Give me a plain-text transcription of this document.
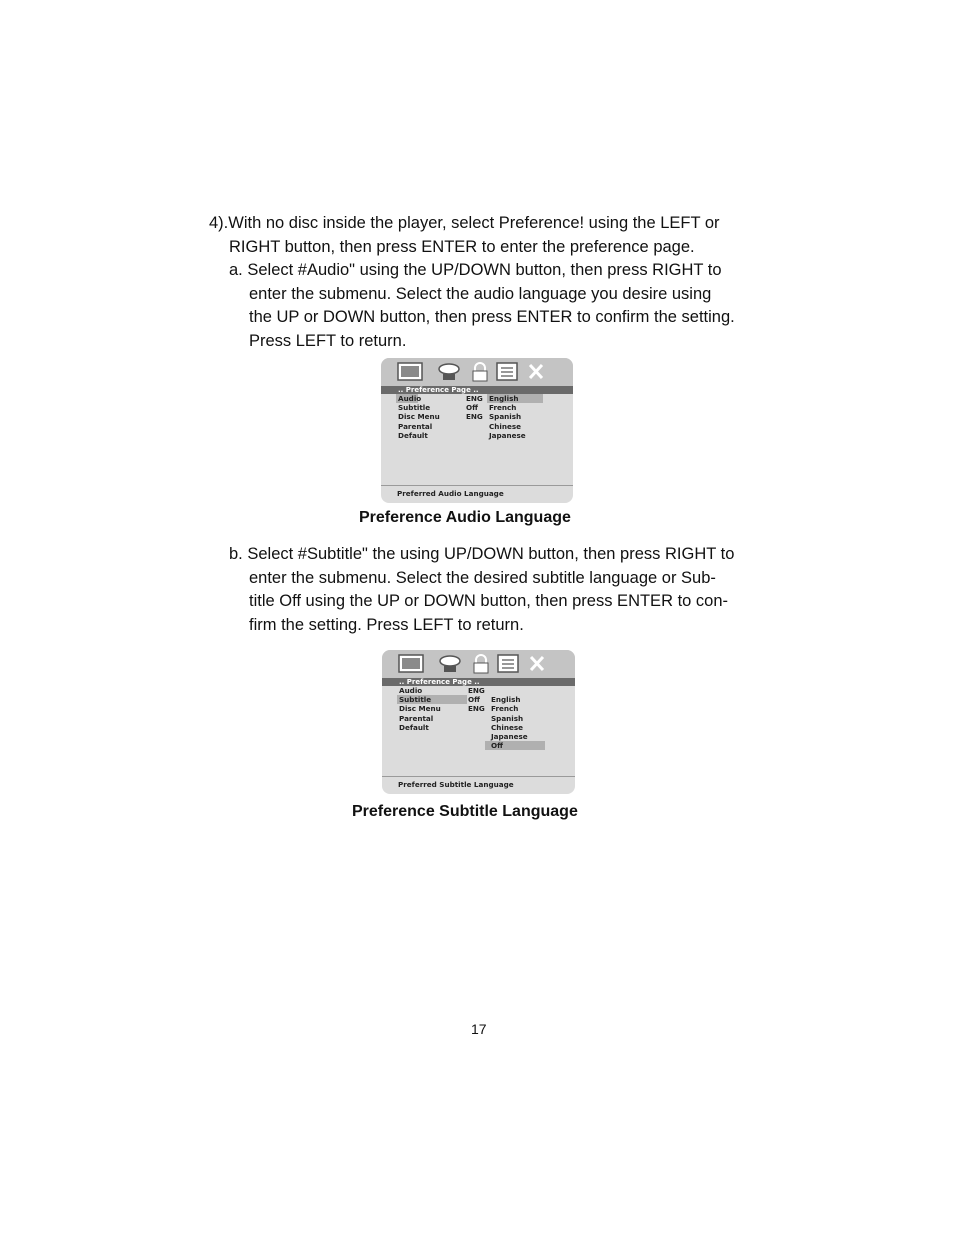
4).With no disc inside the player, select Preference! using the LEFT or
RIGHT button, then press ENTER to enter the preference page.
a. Select #Audio" using the UP/DOWN button, then press RIGHT to
enter the submenu. Select the audio language you desire using
the UP or DOWN button, then press ENTER to confirm the setting.
Press LEFT to return.
.. Preference Page ..
Audio
Subtitle
Disc Menu
Parental
Default
ENG
Off
ENG
English
French
Spanish
Chinese
Japanese
Preferred Audio Language
Preference Audio Language
b. Select #Subtitle" the using UP/DOWN button, then press RIGHT to
enter the submenu. Select the desired subtitle language or Sub-
title Off using the UP or DOWN button, then press ENTER to con-
firm the setting. Press LEFT to return.
.. Preference Page ..
Audio
Subtitle
Disc Menu
Parental
Default
ENG
Off
ENG
English
French
Spanish
Chinese
Japanese
Off
Preferred Subtitle Language
Preference Subtitle Language
17
